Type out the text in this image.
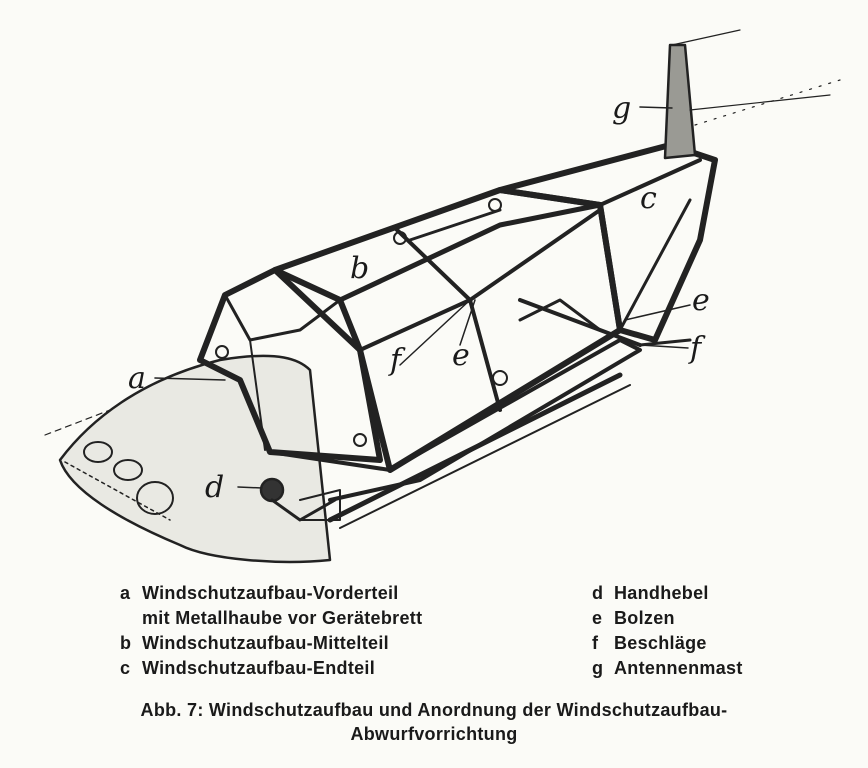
a
b
c
d
e
e
f	f
g
a Windschutzaufbau-Vorderteil
mit Metallhaube vor Gerätebrett
b Windschutzaufbau-Mittelteil
c Windschutzaufbau-Endteil
d Handhebel
e Bolzen
f Beschläge
g Antennenmast
Abb. 7: Windschutzaufbau und Anordnung der Windschutzaufbau-
Abwurfvorrichtung
